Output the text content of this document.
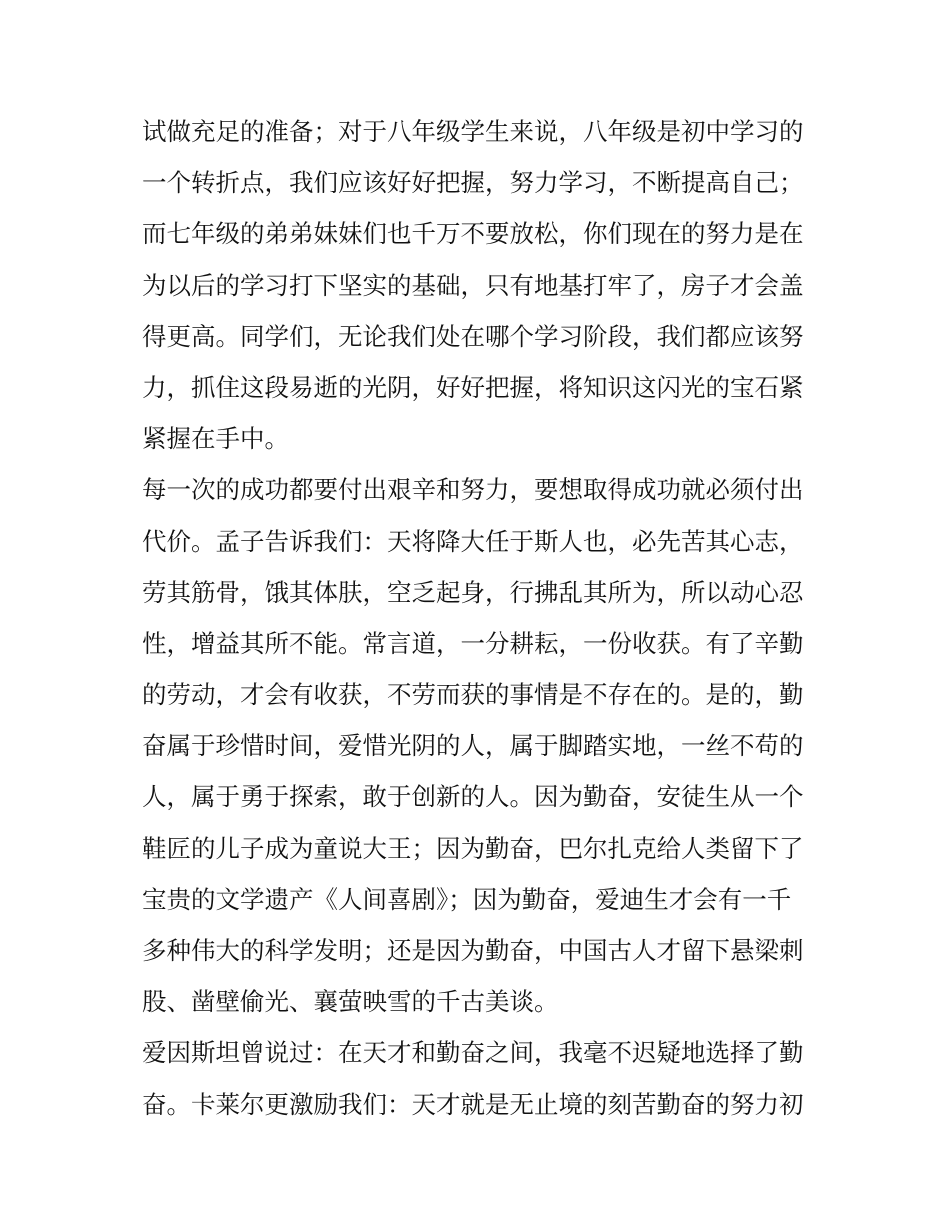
试做充足的准备；对于八年级学生来说，八年级是初中学习的
一个转折点，我们应该好好把握，努力学习，不断提高自己；
而七年级的弟弟妹妹们也千万不要放松，你们现在的努力是在
为以后的学习打下坚实的基础，只有地基打牢了，房子才会盖
得更高。同学们，无论我们处在哪个学习阶段，我们都应该努
力，抓住这段易逝的光阴，好好把握，将知识这闪光的宝石紧
紧握在手中。
每一次的成功都要付出艰辛和努力，要想取得成功就必须付出
代价。孟子告诉我们：天将降大任于斯人也，必先苦其心志，
劳其筋骨，饿其体肤，空乏起身，行拂乱其所为，所以动心忍
性，增益其所不能。常言道，一分耕耘，一份收获。有了辛勤
的劳动，才会有收获，不劳而获的事情是不存在的。是的，勤
奋属于珍惜时间，爱惜光阴的人，属于脚踏实地，一丝不苟的
人，属于勇于探索，敢于创新的人。因为勤奋，安徒生从一个
鞋匠的儿子成为童说大王；因为勤奋，巴尔扎克给人类留下了
宝贵的文学遗产《人间喜剧》；因为勤奋，爱迪生才会有一千
多种伟大的科学发明；还是因为勤奋，中国古人才留下悬梁刺
股、凿壁偷光、襄萤映雪的千古美谈。
爱因斯坦曾说过：在天才和勤奋之间，我毫不迟疑地选择了勤
奋。卡莱尔更激励我们：天才就是无止境的刻苦勤奋的努力初
